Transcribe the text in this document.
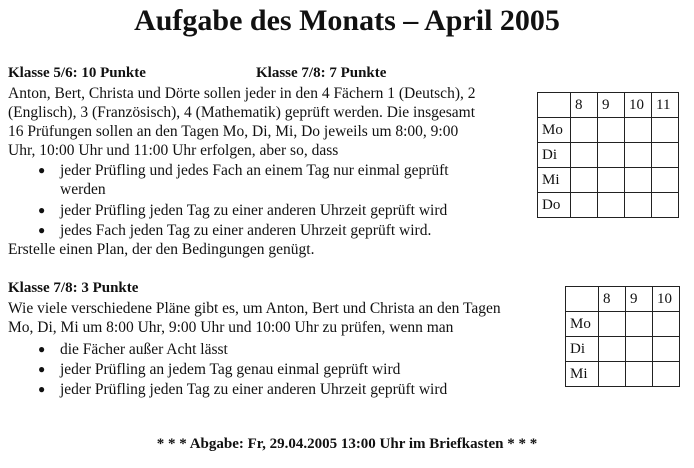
Aufgabe des Monats – April 2005
Klasse 5/6: 10 Punkte	Klasse 7/8: 7 Punkte
Anton, Bert, Christa und Dörte sollen jeder in den 4 Fächern 1 (Deutsch), 2
(Englisch), 3 (Französisch), 4 (Mathematik) geprüft werden. Die insgesamt
16 Prüfungen sollen an den Tagen Mo, Di, Mi, Do jeweils um 8:00, 9:00
Uhr, 10:00 Uhr und 11:00 Uhr erfolgen, aber so, dass
● jeder Prüfling und jedes Fach an einem Tag nur einmal geprüft
werden
● jeder Prüfling jeden Tag zu einer anderen Uhrzeit geprüft wird
● jedes Fach jeden Tag zu einer anderen Uhrzeit geprüft wird.
Erstelle einen Plan, der den Bedingungen genügt.
	8	9	10	11
Mo				
Di				
Mi				
Do				
Klasse 7/8: 3 Punkte
Wie viele verschiedene Pläne gibt es, um Anton, Bert und Christa an den Tagen
Mo, Di, Mi um 8:00 Uhr, 9:00 Uhr und 10:00 Uhr zu prüfen, wenn man
● die Fächer außer Acht lässt
● jeder Prüfling an jedem Tag genau einmal geprüft wird
● jeder Prüfling jeden Tag zu einer anderen Uhrzeit geprüft wird
	8	9	10
Mo			
Di			
Mi			
* * * Abgabe: Fr, 29.04.2005 13:00 Uhr im Briefkasten * * *
